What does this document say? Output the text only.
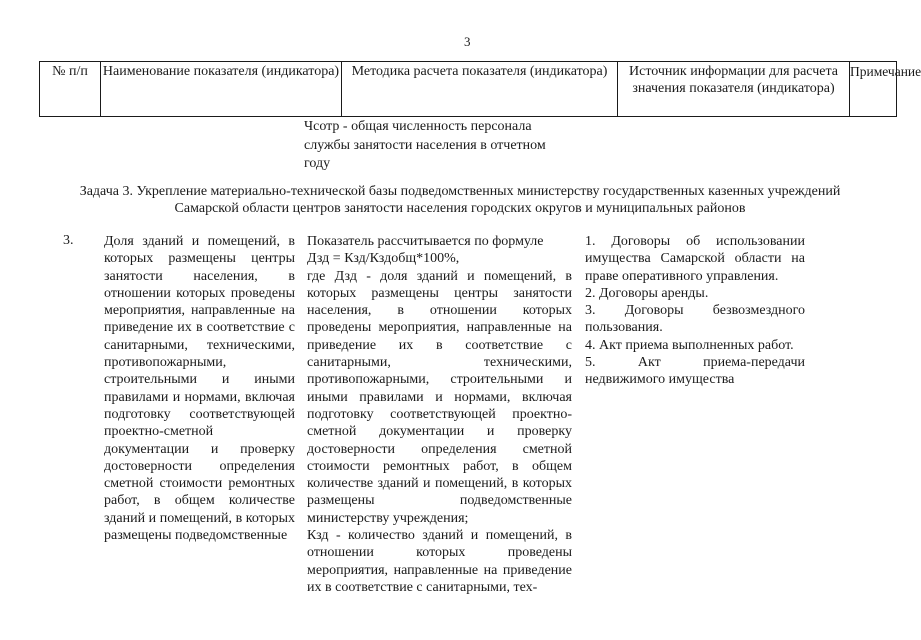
3
№ п/п	Наименование показателя (индикатора) Методика расчета показателя (индикатора)	Источник информации для расчета значения показателя (индикатора)
Примечание
Чсотр - общая численность персонала службы занятости населения в отчетном году
Задача 3. Укрепление материально-технической базы подведомственных министерству государственных казенных учреждений Самарской области центров занятости населения городских округов и муниципальных районов
3. Доля зданий и помещений, в которых размещены центры занятости населения, в отношении которых проведены мероприятия, направленные на приведение их в соответствие с санитарными, техническими, противопожарными, строительными и иными правилами и нормами, включая подготовку соответствующей проектно-сметной документации и проверку достоверности определения сметной стоимости ремонтных работ, в общем количестве зданий и помещений, в которых размещены подведомственные
Показатель рассчитывается по формуле
Дзд = Кзд/Кздобщ*100%,
где Дзд - доля зданий и помещений, в которых размещены центры занятости населения, в отношении которых проведены мероприятия, направленные на приведение их в соответствие с санитарными, техническими, противопожарными, строительными и иными правилами и нормами, включая подготовку соответствующей проектно-сметной документации и проверку достоверности определения сметной стоимости ремонтных работ, в общем количестве зданий и помещений, в которых размещены подведомственные министерству учреждения;
Кзд - количество зданий и помещений, в отношении которых проведены мероприятия, направленные на приведение их в соответствие с санитарными, тех-
1. Договоры об использовании имущества Самарской области на праве оперативного управления.
2. Договоры аренды.
3. Договоры безвозмездного пользования.
4. Акт приема выполненных работ.
5. Акт приема-передачи недвижимого имущества
